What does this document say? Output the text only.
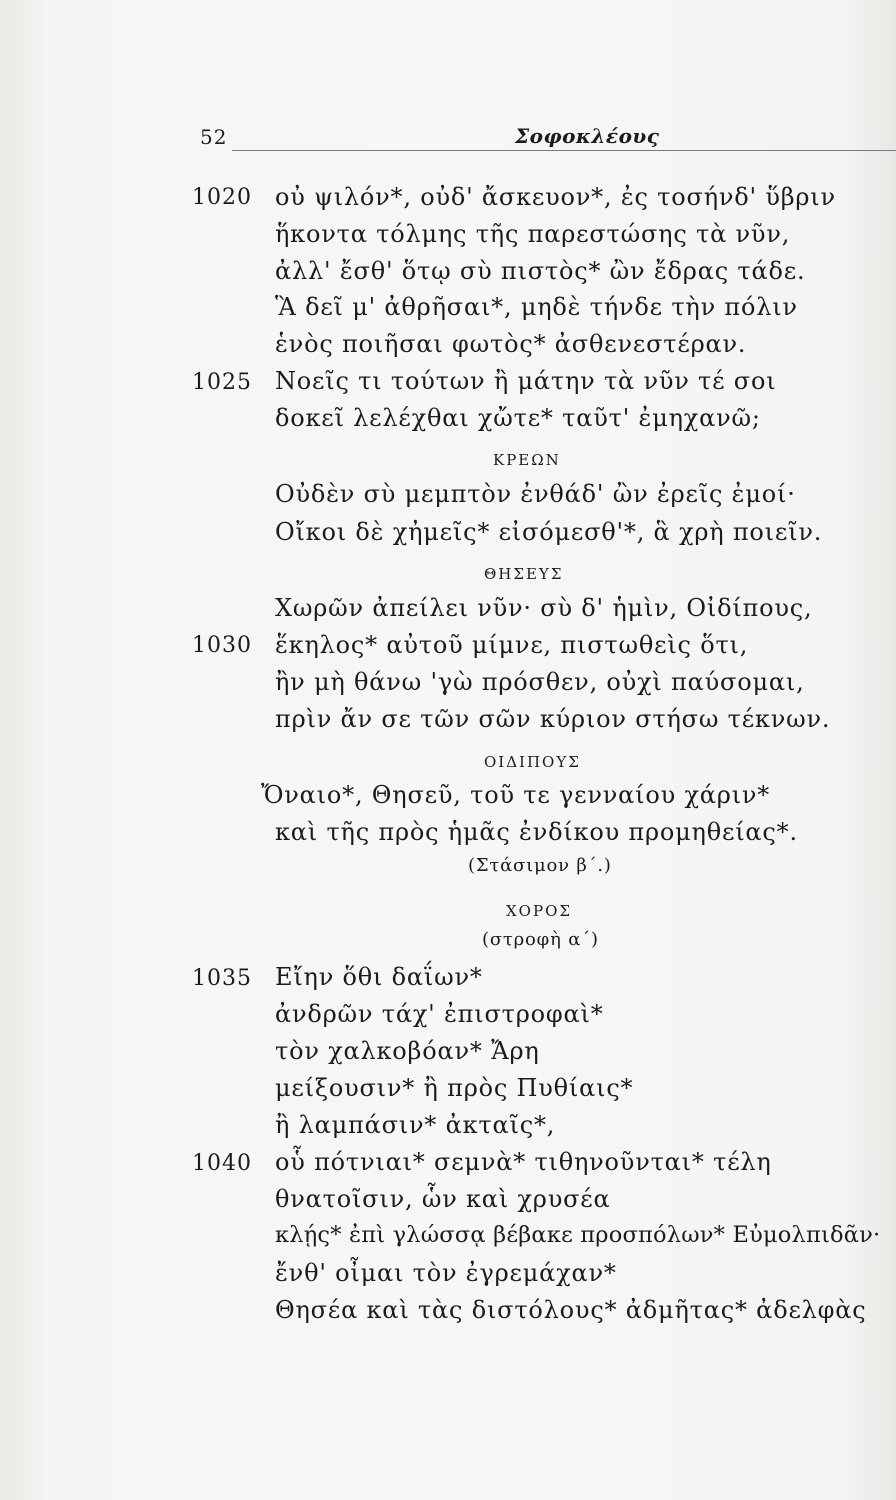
52	Σοφοκλέους
1020
1025
1030
1035
1040
οὐ ψιλόν*, οὐδ' ἄσκευον*, ἐς τοσήνδ' ὕβριν
ἥκοντα τόλμης τῆς παρεστώσης τὰ νῦν,
ἀλλ' ἔσθ' ὅτῳ σὺ πιστὸς* ὢν ἔδρας τάδε.
Ἃ δεῖ μ' ἀθρῆσαι*, μηδὲ τήνδε τὴν πόλιν
ἑνὸς ποιῆσαι φωτὸς* ἀσθενεστέραν.
Νοεῖς τι τούτων ἢ μάτην τὰ νῦν τέ σοι
δοκεῖ λελέχθαι χὤτε* ταῦτ' ἐμηχανῶ;
ΚΡΕΩΝ
Οὐδὲν σὺ μεμπτὸν ἐνθάδ' ὢν ἐρεῖς ἐμοί·
Οἴκοι δὲ χἠμεῖς* εἰσόμεσθ'*, ἃ χρὴ ποιεῖν.
ΘΗΣΕΥΣ
Χωρῶν ἀπείλει νῦν· σὺ δ' ἡμὶν, Οἰδίπους,
ἕκηλος* αὐτοῦ μίμνε, πιστωθεὶς ὅτι,
ἢν μὴ θάνω 'γὼ πρόσθεν, οὐχὶ παύσομαι,
πρὶν ἄν σε τῶν σῶν κύριον στήσω τέκνων.
ΟΙΔΙΠΟΥΣ
Ὄναιο*, Θησεῦ, τοῦ τε γενναίου χάριν*
καὶ τῆς πρὸς ἡμᾶς ἐνδίκου προμηθείας*.
(Στάσιμον β΄.)
ΧΟΡΟΣ
(στροφὴ α΄)
Εἴην ὅθι δαΐων*
ἀνδρῶν τάχ' ἐπιστροφαὶ*
τὸν χαλκοβόαν* Ἄρη
μείξουσιν* ἢ πρὸς Πυθίαις*
ἢ λαμπάσιν* ἀκταῖς*,
οὗ πότνιαι* σεμνὰ* τιθηνοῦνται* τέλη
θνατοῖσιν, ὧν καὶ χρυσέα
κλῄς* ἐπὶ γλώσσᾳ βέβακε προσπόλων* Εὐμολπιδᾶν·
ἔνθ' οἶμαι τὸν ἐγρεμάχαν*
Θησέα καὶ τὰς διστόλους* ἀδμῆτας* ἀδελφὰς
